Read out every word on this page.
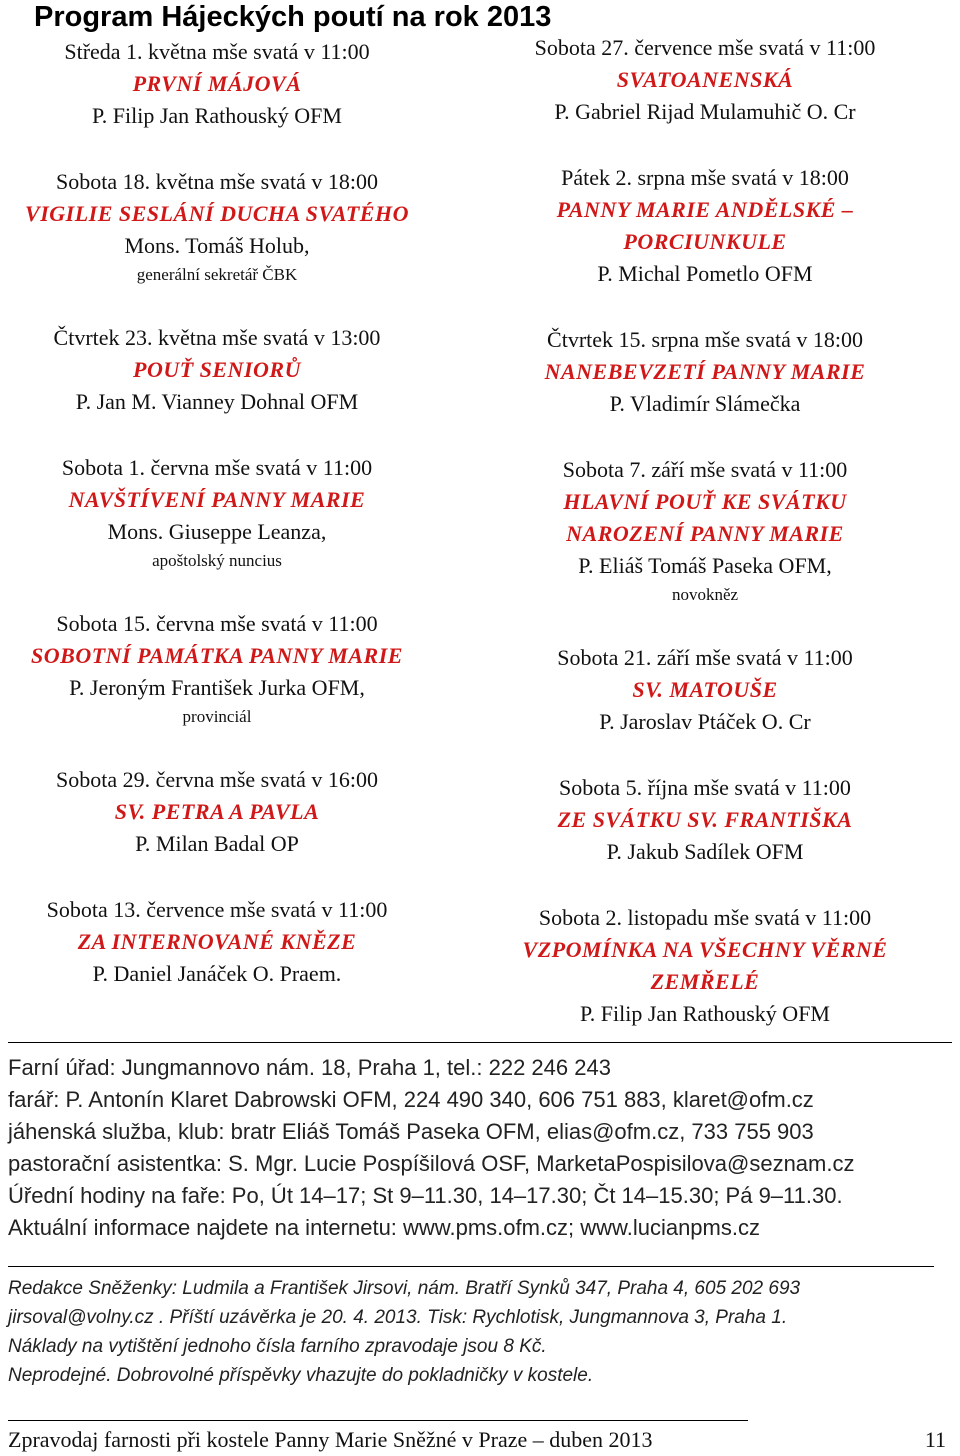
Program Hájeckých poutí na rok 2013
Středa 1. května mše svatá v 11:00
PRVNÍ MÁJOVÁ
P. Filip Jan Rathouský OFM
Sobota 18. května mše svatá v 18:00
VIGILIE SESLÁNÍ DUCHA SVATÉHO
Mons. Tomáš Holub,
generální sekretář ČBK
Čtvrtek 23. května mše svatá v 13:00
POUŤ SENIORŮ
P. Jan M. Vianney Dohnal OFM
Sobota 1. června mše svatá v 11:00
NAVŠTÍVENÍ PANNY MARIE
Mons. Giuseppe Leanza,
apoštolský nuncius
Sobota 15. června mše svatá v 11:00
SOBOTNÍ PAMÁTKA PANNY MARIE
P. Jeroným František Jurka OFM,
provinciál
Sobota 29. června mše svatá v 16:00
SV. PETRA A PAVLA
P. Milan Badal OP
Sobota 13. července mše svatá v 11:00
ZA INTERNOVANÉ KNĚZE
P. Daniel Janáček O. Praem.
Sobota 27. července mše svatá v 11:00
SVATOANENSKÁ
P. Gabriel Rijad Mulamuhič O. Cr
Pátek 2. srpna mše svatá v 18:00
PANNY MARIE ANDĚLSKÉ –
PORCIUNKULE
P. Michal Pometlo OFM
Čtvrtek 15. srpna mše svatá v 18:00
NANEBEVZETÍ PANNY MARIE
P. Vladimír Slámečka
Sobota 7. září mše svatá v 11:00
HLAVNÍ POUŤ KE SVÁTKU
NAROZENÍ PANNY MARIE
P. Eliáš Tomáš Paseka OFM,
novokněz
Sobota 21. září mše svatá v 11:00
SV. MATOUŠE
P. Jaroslav Ptáček O. Cr
Sobota 5. října mše svatá v 11:00
ZE SVÁTKU SV. FRANTIŠKA
P. Jakub Sadílek OFM
Sobota 2. listopadu mše svatá v 11:00
VZPOMÍNKA NA VŠECHNY VĚRNÉ
ZEMŘELÉ
P. Filip Jan Rathouský OFM
Farní úřad: Jungmannovo nám. 18, Praha 1, tel.: 222 246 243
farář: P. Antonín Klaret Dabrowski OFM, 224 490 340, 606 751 883, klaret@ofm.cz
jáhenská služba, klub: bratr Eliáš Tomáš Paseka OFM, elias@ofm.cz, 733 755 903
pastorační asistentka: S. Mgr. Lucie Pospíšilová OSF, MarketaPospisilova@seznam.cz
Úřední hodiny na faře: Po, Út 14–17; St 9–11.30, 14–17.30; Čt 14–15.30; Pá 9–11.30.
Aktuální informace najdete na internetu: www.pms.ofm.cz; www.lucianpms.cz
Redakce Sněženky: Ludmila a František Jirsovi, nám. Bratří Synků 347, Praha 4, 605 202 693
jirsoval@volny.cz . Příští uzávěrka je 20. 4. 2013. Tisk: Rychlotisk, Jungmannova 3, Praha 1.
Náklady na vytištění jednoho čísla farního zpravodaje jsou 8 Kč.
Neprodejné. Dobrovolné příspěvky vhazujte do pokladničky v kostele.
Zpravodaj farnosti při kostele Panny Marie Sněžné v Praze – duben 2013	11
